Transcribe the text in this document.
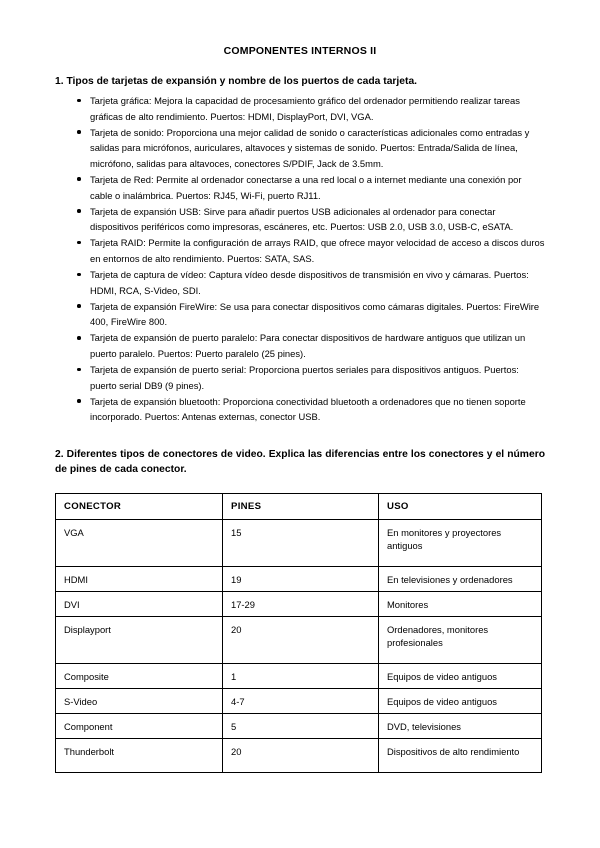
COMPONENTES INTERNOS II
1. Tipos de tarjetas de expansión y nombre de los puertos de cada tarjeta.
Tarjeta gráfica: Mejora la capacidad de procesamiento gráfico del ordenador permitiendo realizar tareas gráficas de alto rendimiento. Puertos: HDMI, DisplayPort, DVI, VGA.
Tarjeta de sonido: Proporciona una mejor calidad de sonido o características adicionales como entradas y salidas para micrófonos, auriculares, altavoces y sistemas de sonido. Puertos: Entrada/Salida de línea, micrófono, salidas para altavoces, conectores S/PDIF, Jack de 3.5mm.
Tarjeta de Red: Permite al ordenador conectarse a una red local o a internet mediante una conexión por cable o inalámbrica. Puertos: RJ45, Wi-Fi, puerto RJ11.
Tarjeta de expansión USB: Sirve para añadir puertos USB adicionales al ordenador para conectar dispositivos periféricos como impresoras, escáneres, etc. Puertos: USB 2.0, USB 3.0, USB-C, eSATA.
Tarjeta RAID: Permite la configuración de arrays RAID, que ofrece mayor velocidad de acceso a discos duros en entornos de alto rendimiento. Puertos: SATA, SAS.
Tarjeta de captura de vídeo: Captura vídeo desde dispositivos de transmisión en vivo y cámaras. Puertos: HDMI, RCA, S-Video, SDI.
Tarjeta de expansión FireWire: Se usa para conectar dispositivos como cámaras digitales. Puertos: FireWire 400, FireWire 800.
Tarjeta de expansión de puerto paralelo: Para conectar dispositivos de hardware antiguos que utilizan un puerto paralelo. Puertos: Puerto paralelo (25 pines).
Tarjeta de expansión de puerto serial: Proporciona puertos seriales para dispositivos antiguos. Puertos: puerto serial DB9 (9 pines).
Tarjeta de expansión bluetooth: Proporciona conectividad bluetooth a ordenadores que no tienen soporte incorporado. Puertos: Antenas externas, conector USB.
2. Diferentes tipos de conectores de video. Explica las diferencias entre los conectores y el número de pines de cada conector.
CONECTOR	PINES	USO
VGA	15	En monitores y proyectores antiguos
HDMI	19	En televisiones y ordenadores
DVI	17-29	Monitores
Displayport	20	Ordenadores, monitores profesionales
Composite	1	Equipos de video antiguos
S-Video	4-7	Equipos de video antiguos
Component	5	DVD, televisiones
Thunderbolt	20	Dispositivos de alto rendimiento
